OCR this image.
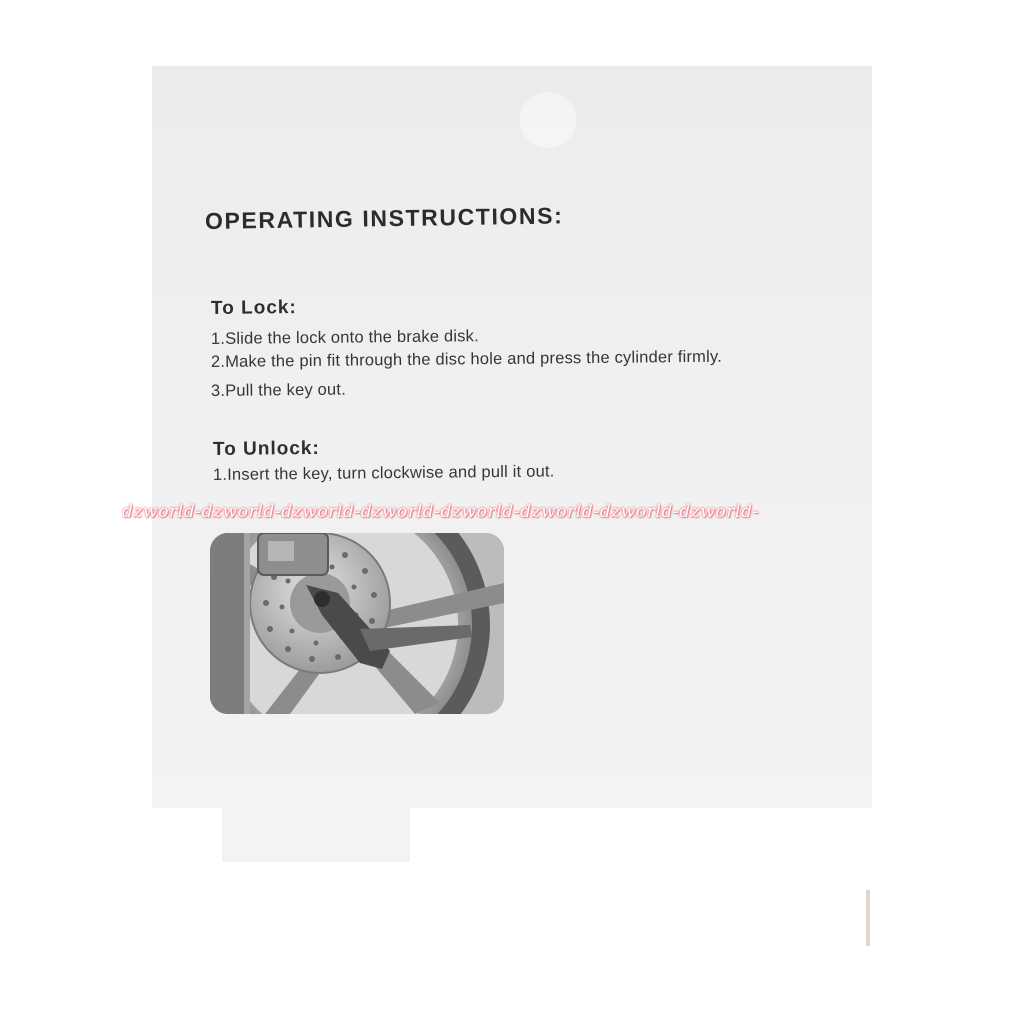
OPERATING INSTRUCTIONS:
To Lock:
1.Slide the lock onto the brake disk.
2.Make the pin fit through the disc hole and press the cylinder firmly.
3.Pull the key out.
To Unlock:
1.Insert the key, turn clockwise and pull it out.
dzworld-dzworld-dzworld-dzworld-dzworld-dzworld-dzworld-dzworld-
